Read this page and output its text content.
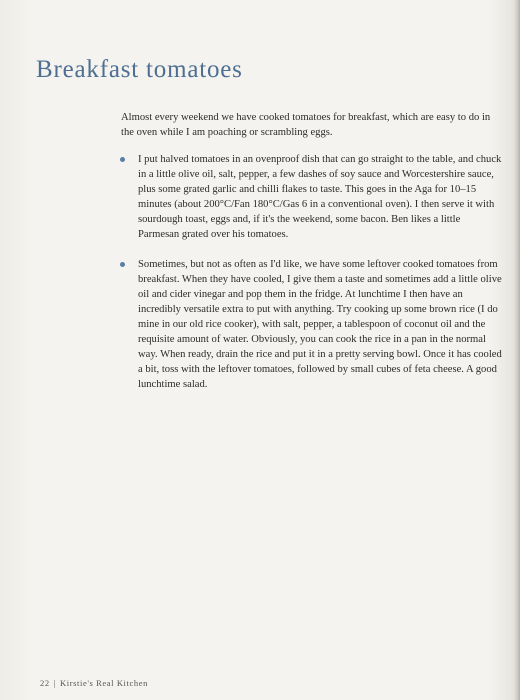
Breakfast tomatoes

Almost every weekend we have cooked tomatoes for breakfast, which are easy to do in the oven while I am poaching or scrambling eggs.

I put halved tomatoes in an ovenproof dish that can go straight to the table, and chuck in a little olive oil, salt, pepper, a few dashes of soy sauce and Worcestershire sauce, plus some grated garlic and chilli flakes to taste. This goes in the Aga for 10–15 minutes (about 200°C/Fan 180°C/Gas 6 in a conventional oven). I then serve it with sourdough toast, eggs and, if it's the weekend, some bacon. Ben likes a little Parmesan grated over his tomatoes.
Sometimes, but not as often as I'd like, we have some leftover cooked tomatoes from breakfast. When they have cooled, I give them a taste and sometimes add a little olive oil and cider vinegar and pop them in the fridge. At lunchtime I then have an incredibly versatile extra to put with anything. Try cooking up some brown rice (I do mine in our old rice cooker), with salt, pepper, a tablespoon of coconut oil and the requisite amount of water. Obviously, you can cook the rice in a pan in the normal way. When ready, drain the rice and put it in a pretty serving bowl. Once it has cooled a bit, toss with the leftover tomatoes, followed by small cubes of feta cheese. A good lunchtime salad.
22 | Kirstie's Real Kitchen
